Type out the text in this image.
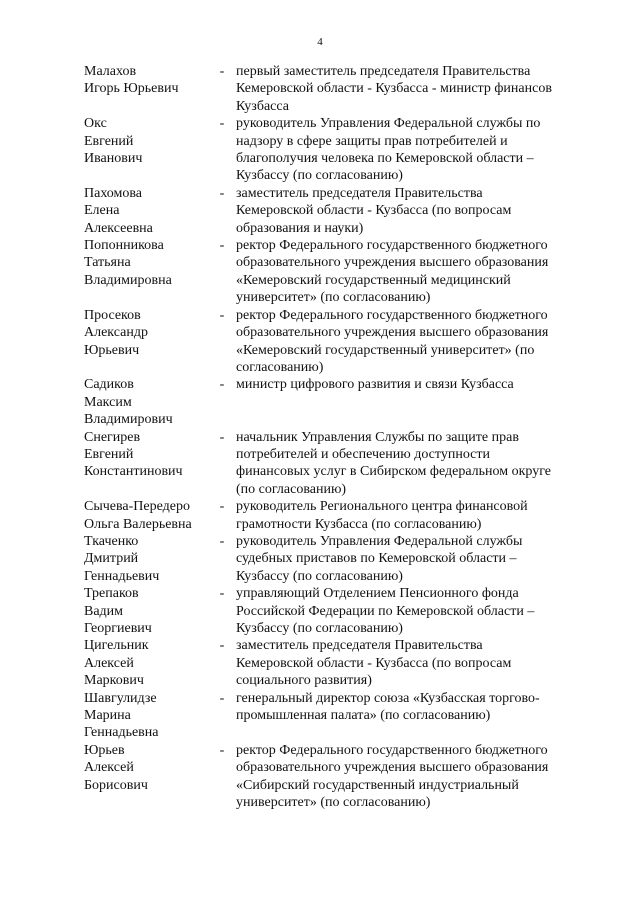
4
Малахов
Игорь Юрьевич
- первый заместитель председателя Правительства
Кемеровской области - Кузбасса - министр финансов
Кузбасса
Окс
Евгений
Иванович
- руководитель Управления Федеральной службы по
надзору в сфере защиты прав потребителей и
благополучия человека по Кемеровской области –
Кузбассу (по согласованию)
Пахомова
Елена
Алексеевна
- заместитель председателя Правительства
Кемеровской области - Кузбасса (по вопросам
образования и науки)
Попонникова
Татьяна
Владимировна
- ректор Федерального государственного бюджетного
образовательного учреждения высшего образования
«Кемеровский государственный медицинский
университет» (по согласованию)
Просеков
Александр
Юрьевич
- ректор Федерального государственного бюджетного
образовательного учреждения высшего образования
«Кемеровский государственный университет» (по
согласованию)
Садиков
Максим
Владимирович
- министр цифрового развития и связи Кузбасса
Снегирев
Евгений
Константинович
- начальник Управления Службы по защите прав
потребителей и обеспечению доступности
финансовых услуг в Сибирском федеральном округе
(по согласованию)
Сычева-Передеро
Ольга Валерьевна
- руководитель Регионального центра финансовой
грамотности Кузбасса (по согласованию)
Ткаченко
Дмитрий
Геннадьевич
- руководитель Управления Федеральной службы
судебных приставов по Кемеровской области –
Кузбассу (по согласованию)
Трепаков
Вадим
Георгиевич
- управляющий Отделением Пенсионного фонда
Российской Федерации по Кемеровской области –
Кузбассу (по согласованию)
Цигельник
Алексей
Маркович
- заместитель председателя Правительства
Кемеровской области - Кузбасса (по вопросам
социального развития)
Шавгулидзе
Марина
Геннадьевна
- генеральный директор союза «Кузбасская торгово-
промышленная палата» (по согласованию)
Юрьев
Алексей
Борисович
- ректор Федерального государственного бюджетного
образовательного учреждения высшего образования
«Сибирский государственный индустриальный
университет» (по согласованию)
